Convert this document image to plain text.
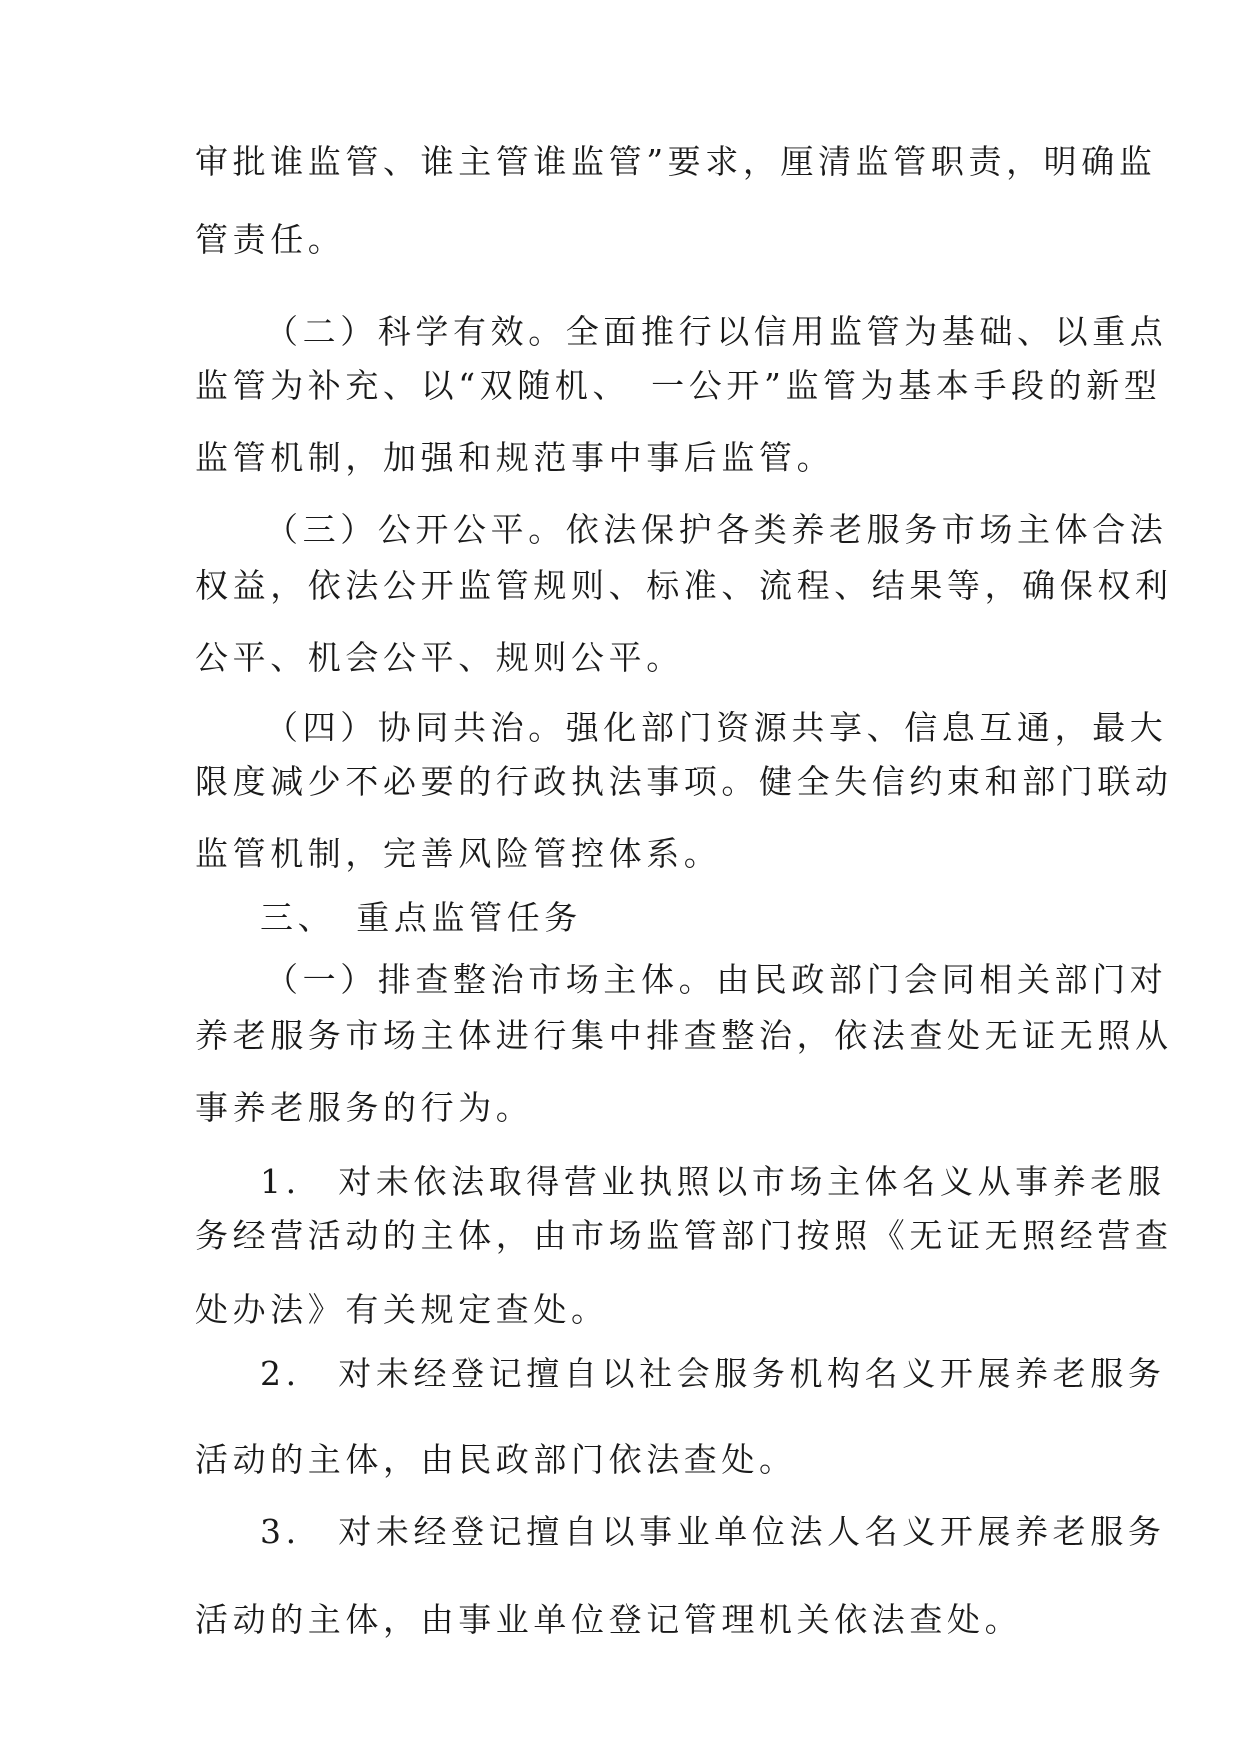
审批谁监管、谁主管谁监管”要求，厘清监管职责，明确监

管责任。

（二）科学有效。全面推行以信用监管为基础、以重点

监管为补充、以“双随机、　一公开”监管为基本手段的新型

监管机制，加强和规范事中事后监管。

（三）公开公平。依法保护各类养老服务市场主体合法

权益，依法公开监管规则、标准、流程、结果等，确保权利

公平、机会公平、规则公平。

（四）协同共治。强化部门资源共享、信息互通，最大

限度减少不必要的行政执法事项。健全失信约束和部门联动

监管机制，完善风险管控体系。

三、　重点监管任务

（一）排查整治市场主体。由民政部门会同相关部门对

养老服务市场主体进行集中排查整治，依法查处无证无照从

事养老服务的行为。

1.　对未依法取得营业执照以市场主体名义从事养老服

务经营活动的主体，由市场监管部门按照《无证无照经营查

处办法》有关规定查处。

2.　对未经登记擅自以社会服务机构名义开展养老服务

活动的主体，由民政部门依法查处。

3.　对未经登记擅自以事业单位法人名义开展养老服务

活动的主体，由事业单位登记管理机关依法查处。
